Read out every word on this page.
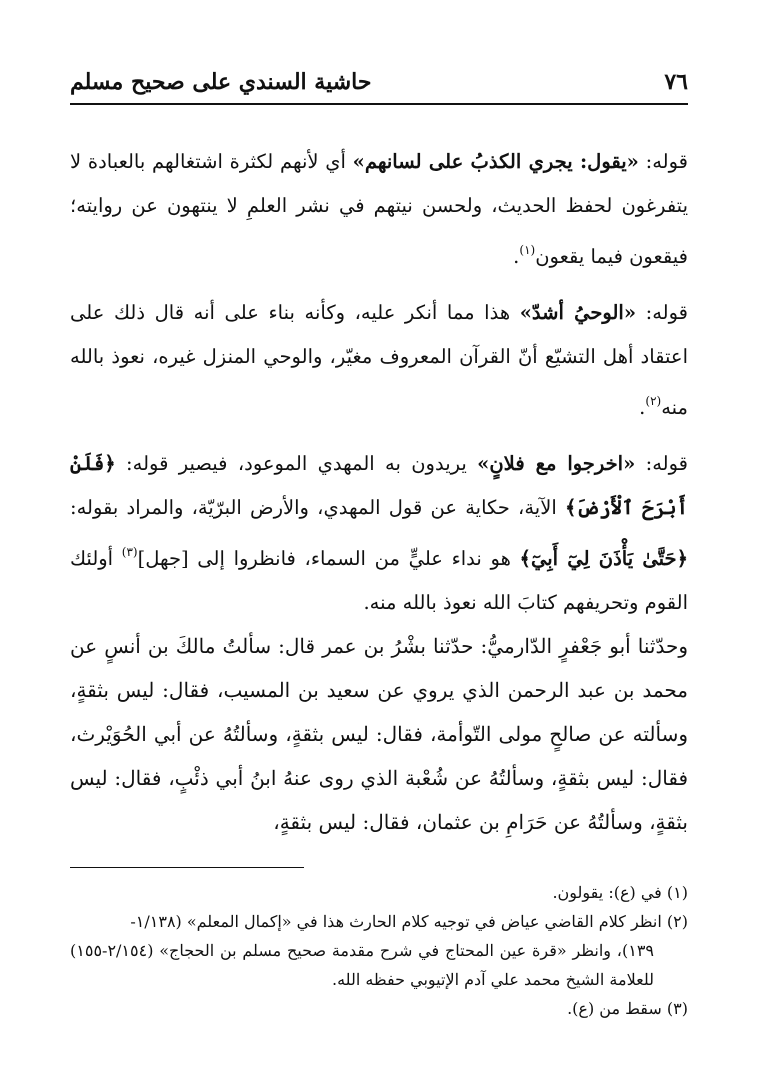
٧٦
حاشية السندي على صحيح مسلم

قوله: «يقول: يجري الكذبُ على لسانهم» أي لأنهم لكثرة اشتغالهم بالعبادة لا يتفرغون لحفظ الحديث، ولحسن نيتهم في نشر العلمِ لا ينتهون عن روايته؛ فيقعون فيما يقعون$^{(١)}$.

قوله: «الوحيُ أشدّ» هذا مما أنكر عليه، وكأنه بناء على أنه قال ذلك على اعتقاد أهل التشيّع أنّ القرآن المعروف مغيّر، والوحي المنزل غيره، نعوذ بالله منه$^{(٢)}$.

قوله: «اخرجوا مع فلانٍ» يريدون به المهدي الموعود، فيصير قوله: ﴿فَلَنْ أَبْرَحَ ٱلْأَرْضَ﴾ الآية، حكاية عن قول المهدي، والأرض البرّيّة، والمراد بقوله: ﴿حَتَّىٰ يَأْذَنَ لِيٓ أَبِيٓ﴾ هو نداء عليٍّ من السماء، فانظروا إلى [جهل]$^{(٣)}$ أولئك القوم وتحريفهم كتابَ الله نعوذ بالله منه.

وحدّثنا أبو جَعْفرٍ الدّارميُّ: حدّثنا بشْرُ بن عمر قال: سألتُ مالكَ بن أنسٍ عن محمد بن عبد الرحمن الذي يروي عن سعيد بن المسيب، فقال: ليس بثقةٍ، وسألته عن صالحٍ مولى التّوأمة، فقال: ليس بثقةٍ، وسألتُهُ عن أبي الحُوَيْرث، فقال: ليس بثقةٍ، وسألتُهُ عن شُعْبة الذي روى عنهُ ابنُ أبي ذئْبٍ، فقال: ليس بثقةٍ، وسألتُهُ عن حَرَامِ بن عثمان، فقال: ليس بثقةٍ،

(١) في (ع): يقولون.

(٢) انظر كلام القاضي عياض في توجيه كلام الحارث هذا في «إكمال المعلم» (١/١٣٨-

١٣٩)، وانظر «قرة عين المحتاج في شرح مقدمة صحيح مسلم بن الحجاج» (٢/١٥٤-١٥٥) للعلامة الشيخ محمد علي آدم الإتيوبي حفظه الله.

(٣) سقط من (ع).
